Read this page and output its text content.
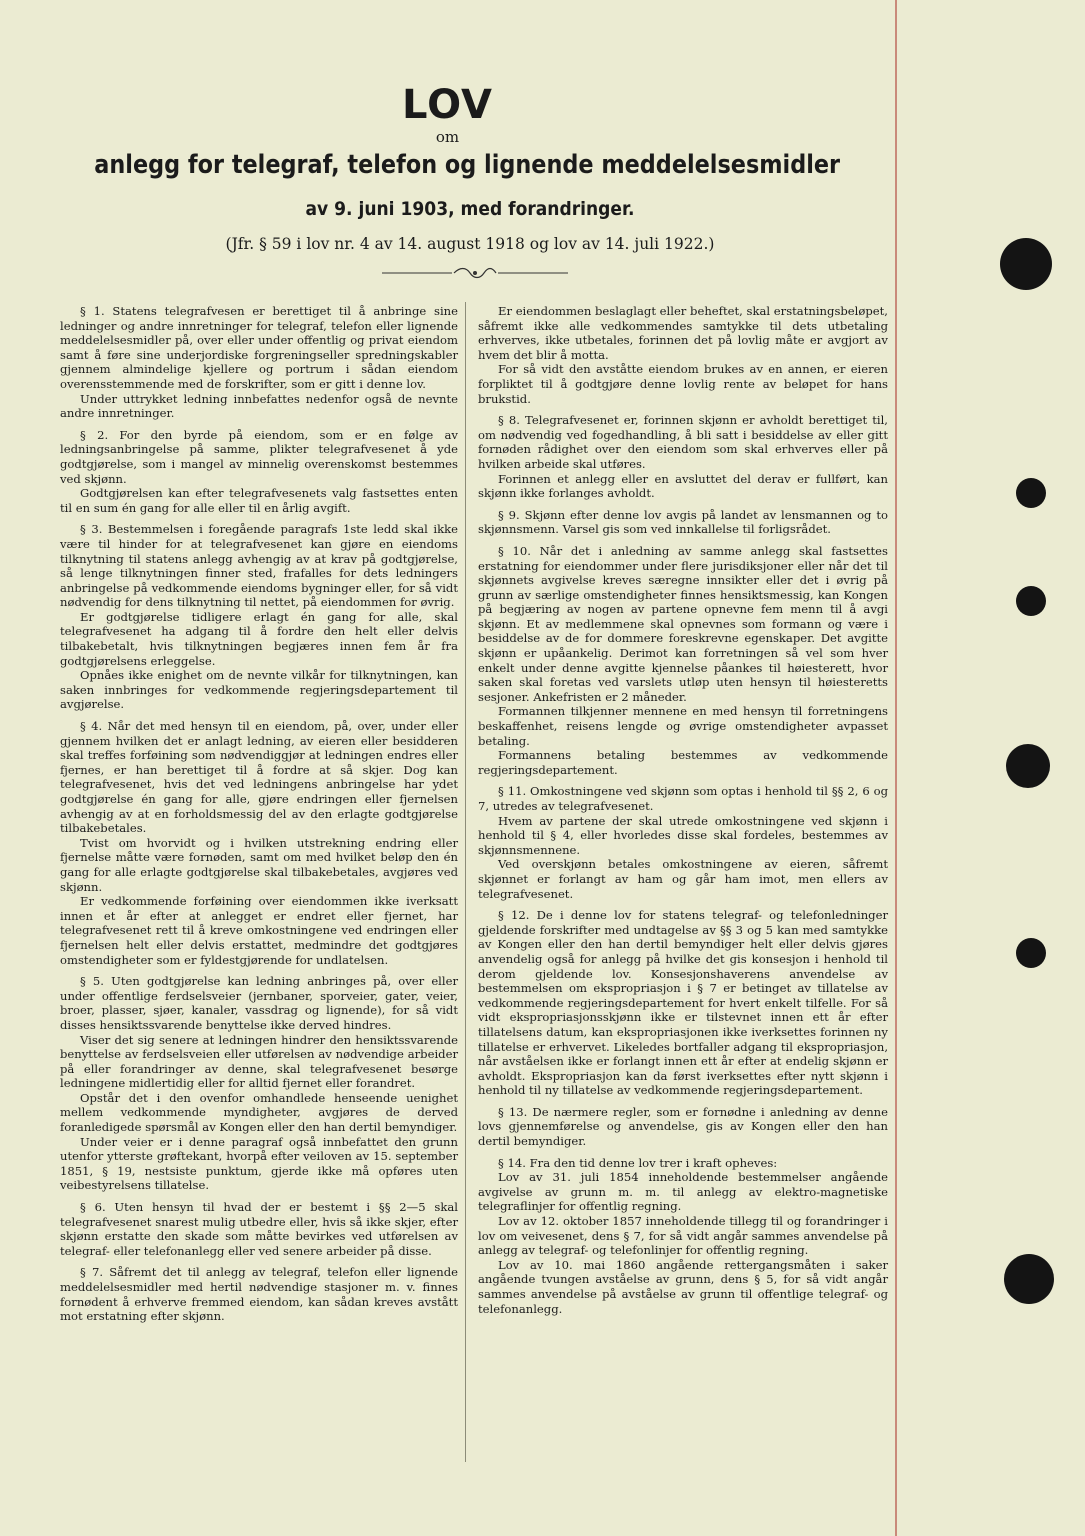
LOV
om
anlegg for telegraf, telefon og lignende meddelelsesmidler
av 9. juni 1903, med forandringer.
(Jfr. § 59 i lov nr. 4 av 14. august 1918 og lov av 14. juli 1922.)

§ 1. Statens telegrafvesen er berettiget til å anbringe sine ledninger og andre innretninger for telegraf, telefon eller lignende meddelelsesmidler på, over eller under offentlig og privat eiendom samt å føre sine underjordiske forgreningseller spredningskabler gjennem almindelige kjellere og portrum i sådan eiendom overensstemmende med de forskrifter, som er gitt i denne lov.

Under uttrykket ledning innbefattes nedenfor også de nevnte andre innretninger.

§ 2. For den byrde på eiendom, som er en følge av ledningsanbringelse på samme, plikter telegrafvesenet å yde godtgjørelse, som i mangel av minnelig overenskomst bestemmes ved skjønn.

Godtgjørelsen kan efter telegrafvesenets valg fastsettes enten til en sum én gang for alle eller til en årlig avgift.

§ 3. Bestemmelsen i foregående paragrafs 1ste ledd skal ikke være til hinder for at telegrafvesenet kan gjøre en eiendoms tilknytning til statens anlegg avhengig av at krav på godtgjørelse, så lenge tilknytningen finner sted, frafalles for dets ledningers anbringelse på vedkommende eiendoms bygninger eller, for så vidt nødvendig for dens tilknytning til nettet, på eiendommen for øvrig.

Er godtgjørelse tidligere erlagt én gang for alle, skal telegrafvesenet ha adgang til å fordre den helt eller delvis tilbakebetalt, hvis tilknytningen begjæres innen fem år fra godtgjørelsens erleggelse.

Opnåes ikke enighet om de nevnte vilkår for tilknytningen, kan saken innbringes for vedkommende regjeringsdepartement til avgjørelse.

§ 4. Når det med hensyn til en eiendom, på, over, under eller gjennem hvilken det er anlagt ledning, av eieren eller besidderen skal treffes forføining som nødvendiggjør at ledningen endres eller fjernes, er han berettiget til å fordre at så skjer. Dog kan telegrafvesenet, hvis det ved ledningens anbringelse har ydet godtgjørelse én gang for alle, gjøre endringen eller fjernelsen avhengig av at en forholdsmessig del av den erlagte godtgjørelse tilbakebetales.

Tvist om hvorvidt og i hvilken utstrekning endring eller fjernelse måtte være fornøden, samt om med hvilket beløp den én gang for alle erlagte godtgjørelse skal tilbakebetales, avgjøres ved skjønn.

Er vedkommende forføining over eiendommen ikke iverksatt innen et år efter at anlegget er endret eller fjernet, har telegrafvesenet rett til å kreve omkostningene ved endringen eller fjernelsen helt eller delvis erstattet, medmindre det godtgjøres omstendigheter som er fyldestgjørende for undlatelsen.

§ 5. Uten godtgjørelse kan ledning anbringes på, over eller under offentlige ferdselsveier (jernbaner, sporveier, gater, veier, broer, plasser, sjøer, kanaler, vassdrag og lignende), for så vidt disses hensiktssvarende benyttelse ikke derved hindres.

Viser det sig senere at ledningen hindrer den hensiktssvarende benyttelse av ferdselsveien eller utførelsen av nødvendige arbeider på eller forandringer av denne, skal telegrafvesenet besørge ledningene midlertidig eller for alltid fjernet eller forandret.

Opstår det i den ovenfor omhandlede henseende uenighet mellem vedkommende myndigheter, avgjøres de derved foranledigede spørsmål av Kongen eller den han dertil bemyndiger.

Under veier er i denne paragraf også innbefattet den grunn utenfor ytterste grøftekant, hvorpå efter veiloven av 15. september 1851, § 19, nestsiste punktum, gjerde ikke må opføres uten veibestyrelsens tillatelse.

§ 6. Uten hensyn til hvad der er bestemt i §§ 2—5 skal telegrafvesenet snarest mulig utbedre eller, hvis så ikke skjer, efter skjønn erstatte den skade som måtte bevirkes ved utførelsen av telegraf- eller telefonanlegg eller ved senere arbeider på disse.

§ 7. Såfremt det til anlegg av telegraf, telefon eller lignende meddelelsesmidler med hertil nødvendige stasjoner m. v. finnes fornødent å erhverve fremmed eiendom, kan sådan kreves avstått mot erstatning efter skjønn.

Er eiendommen beslaglagt eller beheftet, skal erstatningsbeløpet, såfremt ikke alle vedkommendes samtykke til dets utbetaling erhverves, ikke utbetales, forinnen det på lovlig måte er avgjort av hvem det blir å motta.

For så vidt den avståtte eiendom brukes av en annen, er eieren forpliktet til å godtgjøre denne lovlig rente av beløpet for hans brukstid.

§ 8. Telegrafvesenet er, forinnen skjønn er avholdt berettiget til, om nødvendig ved fogedhandling, å bli satt i besiddelse av eller gitt fornøden rådighet over den eiendom som skal erhverves eller på hvilken arbeide skal utføres.

Forinnen et anlegg eller en avsluttet del derav er fullført, kan skjønn ikke forlanges avholdt.

§ 9. Skjønn efter denne lov avgis på landet av lensmannen og to skjønnsmenn. Varsel gis som ved innkallelse til forligsrådet.

§ 10. Når det i anledning av samme anlegg skal fastsettes erstatning for eiendommer under flere jurisdiksjoner eller når det til skjønnets avgivelse kreves særegne innsikter eller det i øvrig på grunn av særlige omstendigheter finnes hensiktsmessig, kan Kongen på begjæring av nogen av partene opnevne fem menn til å avgi skjønn. Et av medlemmene skal opnevnes som formann og være i besiddelse av de for dommere foreskrevne egenskaper. Det avgitte skjønn er upåankelig. Derimot kan forretningen så vel som hver enkelt under denne avgitte kjennelse påankes til høiesterett, hvor saken skal foretas ved varslets utløp uten hensyn til høiesteretts sesjoner. Ankefristen er 2 måneder.

Formannen tilkjenner mennene en med hensyn til forretningens beskaffenhet, reisens lengde og øvrige omstendigheter avpasset betaling.

Formannens betaling bestemmes av vedkommende regjeringsdepartement.

§ 11. Omkostningene ved skjønn som optas i henhold til §§ 2, 6 og 7, utredes av telegrafvesenet.

Hvem av partene der skal utrede omkostningene ved skjønn i henhold til § 4, eller hvorledes disse skal fordeles, bestemmes av skjønnsmennene.

Ved overskjønn betales omkostningene av eieren, såfremt skjønnet er forlangt av ham og går ham imot, men ellers av telegrafvesenet.

§ 12. De i denne lov for statens telegraf- og telefonledninger gjeldende forskrifter med undtagelse av §§ 3 og 5 kan med samtykke av Kongen eller den han dertil bemyndiger helt eller delvis gjøres anvendelig også for anlegg på hvilke det gis konsesjon i henhold til derom gjeldende lov. Konsesjonshaverens anvendelse av bestemmelsen om ekspropriasjon i § 7 er betinget av tillatelse av vedkommende regjeringsdepartement for hvert enkelt tilfelle. For så vidt ekspropriasjonsskjønn ikke er tilstevnet innen ett år efter tillatelsens datum, kan ekspropriasjonen ikke iverksettes forinnen ny tillatelse er erhvervet. Likeledes bortfaller adgang til ekspropriasjon, når avståelsen ikke er forlangt innen ett år efter at endelig skjønn er avholdt. Ekspropriasjon kan da først iverksettes efter nytt skjønn i henhold til ny tillatelse av vedkommende regjeringsdepartement.

§ 13. De nærmere regler, som er fornødne i anledning av denne lovs gjennemførelse og anvendelse, gis av Kongen eller den han dertil bemyndiger.

§ 14. Fra den tid denne lov trer i kraft opheves:

Lov av 31. juli 1854 inneholdende bestemmelser angående avgivelse av grunn m. m. til anlegg av elektro-magnetiske telegraflinjer for offentlig regning.

Lov av 12. oktober 1857 inneholdende tillegg til og forandringer i lov om veivesenet, dens § 7, for så vidt angår sammes anvendelse på anlegg av telegraf- og telefonlinjer for offentlig regning.

Lov av 10. mai 1860 angående rettergangsmåten i saker angående tvungen avståelse av grunn, dens § 5, for så vidt angår sammes anvendelse på avståelse av grunn til offentlige telegraf- og telefonanlegg.
